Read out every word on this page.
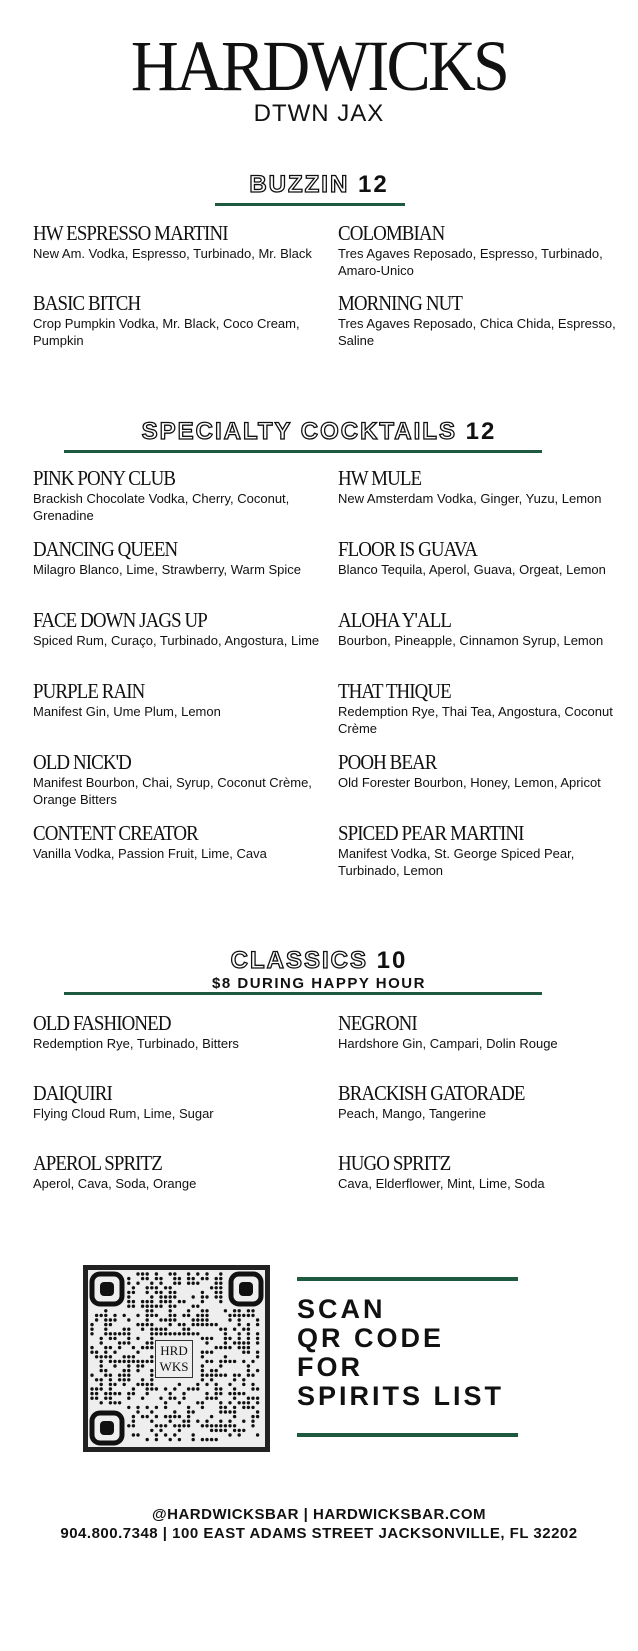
HARDWICKS
DTWN JAX
BUZZIN 12
HW ESPRESSO MARTINI
New Am. Vodka, Espresso, Turbinado, Mr. Black
COLOMBIAN
Tres Agaves Reposado, Espresso, Turbinado, Amaro-Unico
BASIC BITCH
Crop Pumpkin Vodka, Mr. Black, Coco Cream, Pumpkin
MORNING NUT
Tres Agaves Reposado, Chica Chida, Espresso, Saline
SPECIALTY COCKTAILS 12
PINK PONY CLUB
Brackish Chocolate Vodka, Cherry, Coconut, Grenadine
HW MULE
New Amsterdam Vodka, Ginger, Yuzu, Lemon
DANCING QUEEN
Milagro Blanco, Lime, Strawberry, Warm Spice
FLOOR IS GUAVA
Blanco Tequila, Aperol, Guava, Orgeat, Lemon
FACE DOWN JAGS UP
Spiced Rum, Curaço, Turbinado, Angostura, Lime
ALOHA Y'ALL
Bourbon, Pineapple, Cinnamon Syrup, Lemon
PURPLE RAIN
Manifest Gin, Ume Plum, Lemon
THAT THIQUE
Redemption Rye, Thai Tea, Angostura, Coconut Crème
OLD NICK'D
Manifest Bourbon, Chai, Syrup, Coconut Crème, Orange Bitters
POOH BEAR
Old Forester Bourbon, Honey, Lemon, Apricot
CONTENT CREATOR
Vanilla Vodka, Passion Fruit, Lime, Cava
SPICED PEAR MARTINI
Manifest Vodka, St. George Spiced Pear, Turbinado, Lemon
CLASSICS 10
$8 DURING HAPPY HOUR
OLD FASHIONED
Redemption Rye, Turbinado, Bitters
NEGRONI
Hardshore Gin, Campari, Dolin Rouge
DAIQUIRI
Flying Cloud Rum, Lime, Sugar
BRACKISH GATORADE
Peach, Mango, Tangerine
APEROL SPRITZ
Aperol, Cava, Soda, Orange
HUGO SPRITZ
Cava, Elderflower, Mint, Lime, Soda
HRD
WKS
SCAN
QR CODE
FOR
SPIRITS LIST
@HARDWICKSBAR | HARDWICKSBAR.COM
904.800.7348 | 100 EAST ADAMS STREET JACKSONVILLE, FL 32202
